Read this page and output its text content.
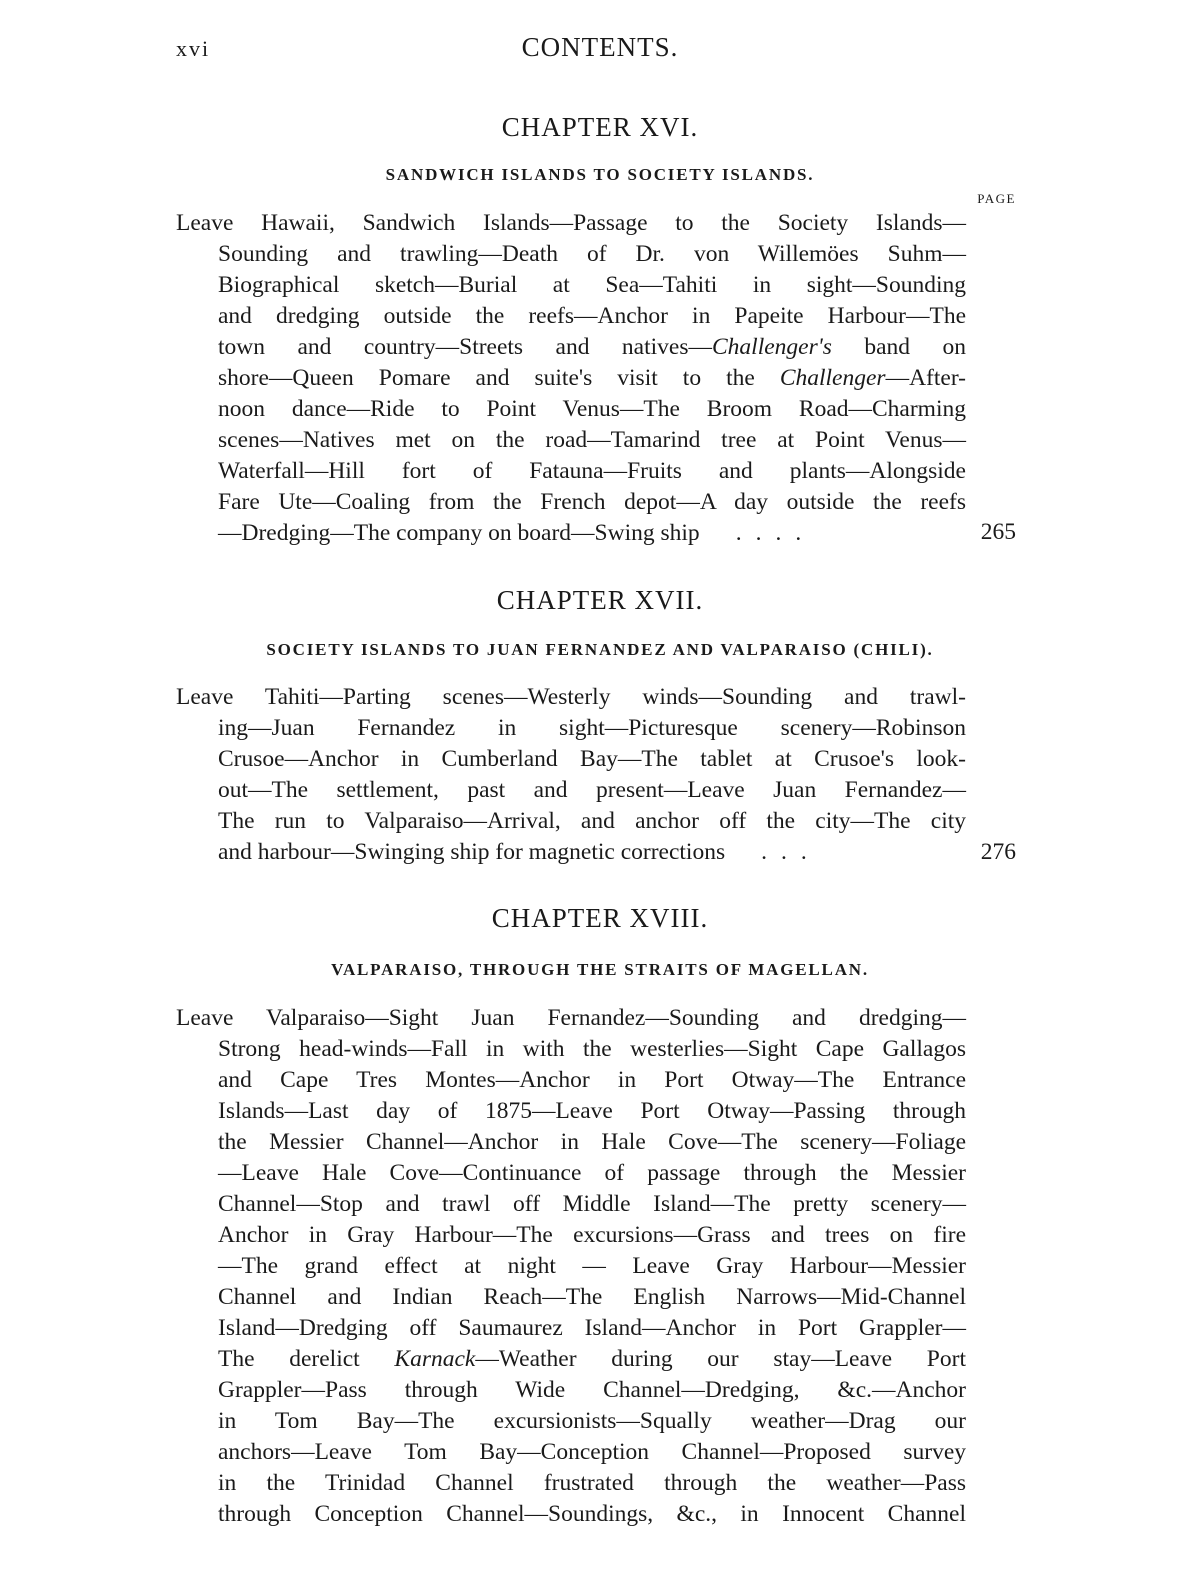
xvi	CONTENTS.
CHAPTER XVI.
SANDWICH ISLANDS TO SOCIETY ISLANDS.
PAGE
Leave Hawaii, Sandwich Islands—Passage to the Society Islands—
Sounding and trawling—Death of Dr. von Willemöes Suhm—
Biographical sketch—Burial at Sea—Tahiti in sight—Sounding
and dredging outside the reefs—Anchor in Papeite Harbour—The
town and country—Streets and natives—Challenger's band on
shore—Queen Pomare and suite's visit to the Challenger—After-
noon dance—Ride to Point Venus—The Broom Road—Charming
scenes—Natives met on the road—Tamarind tree at Point Venus—
Waterfall—Hill fort of Fatauna—Fruits and plants—Alongside
Fare Ute—Coaling from the French depot—A day outside the reefs
—Dredging—The company on board—Swing ship ....	265
CHAPTER XVII.
SOCIETY ISLANDS TO JUAN FERNANDEZ AND VALPARAISO (CHILI).
Leave Tahiti—Parting scenes—Westerly winds—Sounding and trawl-
ing—Juan Fernandez in sight—Picturesque scenery—Robinson
Crusoe—Anchor in Cumberland Bay—The tablet at Crusoe's look-
out—The settlement, past and present—Leave Juan Fernandez—
The run to Valparaiso—Arrival, and anchor off the city—The city
and harbour—Swinging ship for magnetic corrections ...	276
CHAPTER XVIII.
VALPARAISO, THROUGH THE STRAITS OF MAGELLAN.
Leave Valparaiso—Sight Juan Fernandez—Sounding and dredging—
Strong head-winds—Fall in with the westerlies—Sight Cape Gallagos
and Cape Tres Montes—Anchor in Port Otway—The Entrance
Islands—Last day of 1875—Leave Port Otway—Passing through
the Messier Channel—Anchor in Hale Cove—The scenery—Foliage
—Leave Hale Cove—Continuance of passage through the Messier
Channel—Stop and trawl off Middle Island—The pretty scenery—
Anchor in Gray Harbour—The excursions—Grass and trees on fire
—The grand effect at night — Leave Gray Harbour—Messier
Channel and Indian Reach—The English Narrows—Mid-Channel
Island—Dredging off Saumaurez Island—Anchor in Port Grappler—
The derelict Karnack—Weather during our stay—Leave Port
Grappler—Pass through Wide Channel—Dredging, &c.—Anchor
in Tom Bay—The excursionists—Squally weather—Drag our
anchors—Leave Tom Bay—Conception Channel—Proposed survey
in the Trinidad Channel frustrated through the weather—Pass
through Conception Channel—Soundings, &c., in Innocent Channel
